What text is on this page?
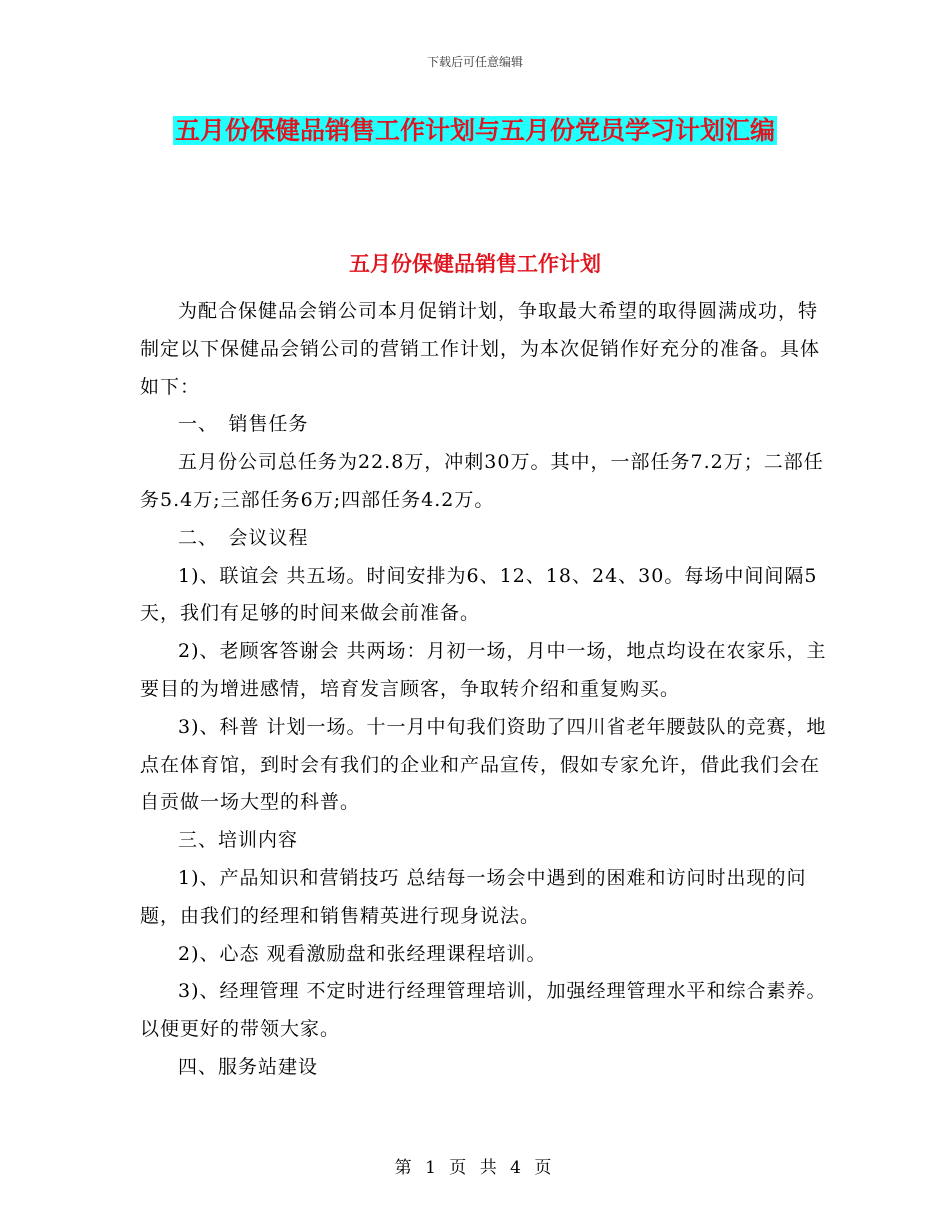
下载后可任意编辑
五月份保健品销售工作计划与五月份党员学习计划汇编
五月份保健品销售工作计划

为配合保健品会销公司本月促销计划，争取最大希望的取得圆满成功，特制定以下保健品会销公司的营销工作计划，为本次促销作好充分的准备。具体如下：

一、　销售任务

五月份公司总任务为22.8万，冲刺30万。其中，一部任务7.2万；二部任务5.4万;三部任务6万;四部任务4.2万。

二、　会议议程

1)、联谊会 共五场。时间安排为6、12、18、24、30。每场中间间隔5天，我们有足够的时间来做会前准备。

2)、老顾客答谢会 共两场：月初一场，月中一场，地点均设在农家乐，主要目的为增进感情，培育发言顾客，争取转介绍和重复购买。

3)、科普 计划一场。十一月中旬我们资助了四川省老年腰鼓队的竞赛，地点在体育馆，到时会有我们的企业和产品宣传，假如专家允许，借此我们会在自贡做一场大型的科普。

三、培训内容

1)、产品知识和营销技巧 总结每一场会中遇到的困难和访问时出现的问题，由我们的经理和销售精英进行现身说法。

2)、心态 观看激励盘和张经理课程培训。

3)、经理管理 不定时进行经理管理培训，加强经理管理水平和综合素养。以便更好的带领大家。

四、服务站建设

第 1 页 共 4 页
